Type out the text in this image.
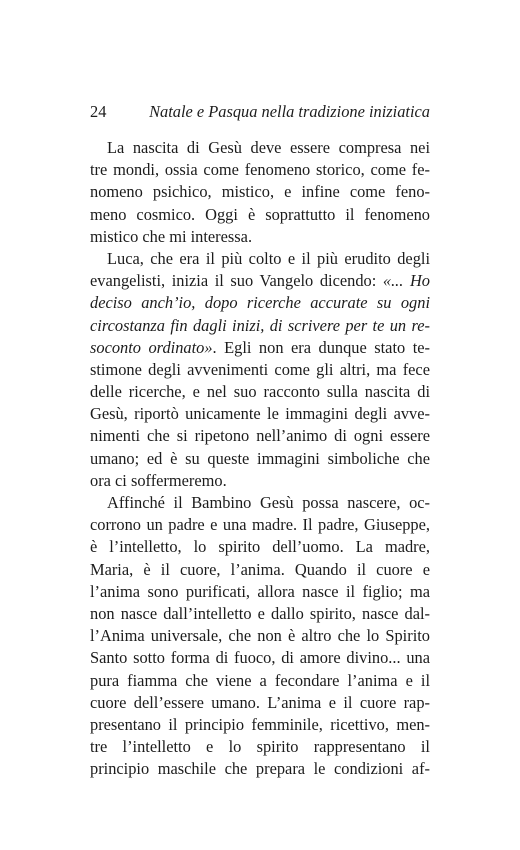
24	Natale e Pasqua nella tradizione iniziatica
La nascita di Gesù deve essere compresa nei
tre mondi, ossia come fenomeno storico, come fe-
nomeno psichico, mistico, e infine come feno-
meno cosmico. Oggi è soprattutto il fenomeno
mistico che mi interessa.
Luca, che era il più colto e il più erudito degli
evangelisti, inizia il suo Vangelo dicendo: «... Ho
deciso anch’io, dopo ricerche accurate su ogni
circostanza fin dagli inizi, di scrivere per te un re-
soconto ordinato». Egli non era dunque stato te-
stimone degli avvenimenti come gli altri, ma fece
delle ricerche, e nel suo racconto sulla nascita di
Gesù, riportò unicamente le immagini degli avve-
nimenti che si ripetono nell’animo di ogni essere
umano; ed è su queste immagini simboliche che
ora ci soffermeremo.
Affinché il Bambino Gesù possa nascere, oc-
corrono un padre e una madre. Il padre, Giuseppe,
è l’intelletto, lo spirito dell’uomo. La madre,
Maria, è il cuore, l’anima. Quando il cuore e
l’anima sono purificati, allora nasce il figlio; ma
non nasce dall’intelletto e dallo spirito, nasce dal-
l’Anima universale, che non è altro che lo Spirito
Santo sotto forma di fuoco, di amore divino... una
pura fiamma che viene a fecondare l’anima e il
cuore dell’essere umano. L’anima e il cuore rap-
presentano il principio femminile, ricettivo, men-
tre l’intelletto e lo spirito rappresentano il
principio maschile che prepara le condizioni af-
